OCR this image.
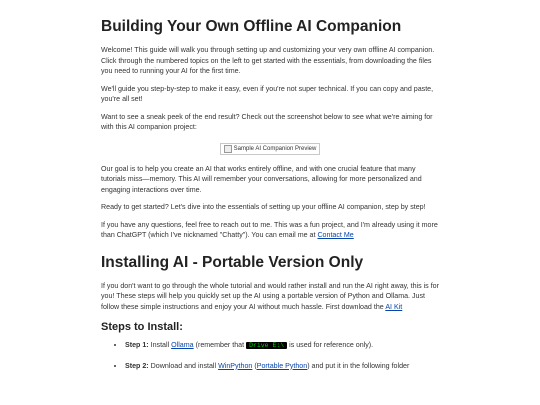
Building Your Own Offline AI Companion

Welcome! This guide will walk you through setting up and customizing your very own offline AI companion. Click through the numbered topics on the left to get started with the essentials, from downloading the files you need to running your AI for the first time.

We'll guide you step-by-step to make it easy, even if you're not super technical. If you can copy and paste, you're all set!

Want to see a sneak peek of the end result? Check out the screenshot below to see what we're aiming for with this AI companion project:

Sample AI Companion Preview

Our goal is to help you create an AI that works entirely offline, and with one crucial feature that many tutorials miss—memory. This AI will remember your conversations, allowing for more personalized and engaging interactions over time.

Ready to get started? Let's dive into the essentials of setting up your offline AI companion, step by step!

If you have any questions, feel free to reach out to me. This was a fun project, and I'm already using it more than ChatGPT (which I've nicknamed "Chatty"). You can email me at Contact Me

Installing AI - Portable Version Only

If you don't want to go through the whole tutorial and would rather install and run the AI right away, this is for you! These steps will help you quickly set up the AI using a portable version of Python and Ollama. Just follow these simple instructions and enjoy your AI without much hassle. First download the AI Kit

Steps to Install:
• Step 1: Install Ollama (remember that Drive E:\ is used for reference only).
• Step 2: Download and install WinPython (Portable Python) and put it in the following folder
